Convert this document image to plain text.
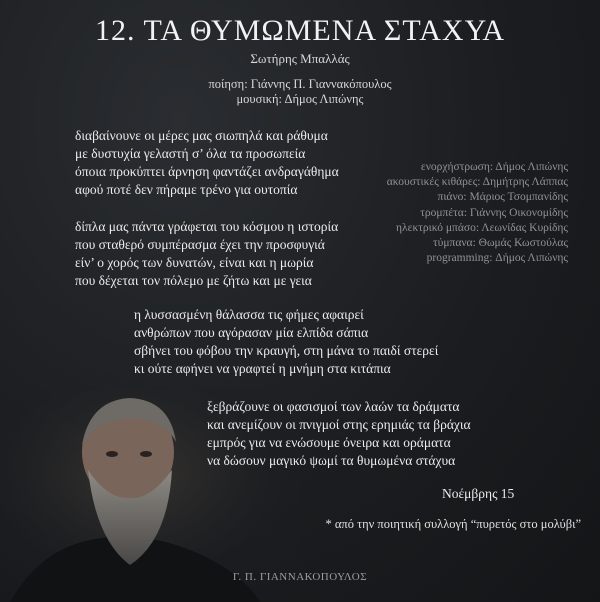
12. ΤΑ ΘΥΜΩΜΕΝΑ ΣΤΑΧΥΑ
Σωτήρης Μπαλλάς
ποίηση: Γιάννης Π. Γιαννακόπουλος
μουσική: Δήμος Λιπώνης
διαβαίνουνε οι μέρες μας σιωπηλά και ράθυμα
με δυστυχία γελαστή σ’ όλα τα προσωπεία
όποια προκύπτει άρνηση φαντάζει ανδραγάθημα
αφού ποτέ δεν πήραμε τρένο για ουτοπία
δίπλα μας πάντα γράφεται του κόσμου η ιστορία
που σταθερό συμπέρασμα έχει την προσφυγιά
είν’ ο χορός των δυνατών, είναι και η μωρία
που δέχεται τον πόλεμο με ζήτω και με γεια
ενορχήστρωση: Δήμος Λιπώνης
ακουστικές κιθάρες: Δημήτρης Λάππας
πιάνο: Μάριος Τσομπανίδης
τρομπέτα: Γιάννης Οικονομίδης
ηλεκτρικό μπάσο: Λεωνίδας Κυρίδης
τύμπανα: Θωμάς Κωστούλας
programming: Δήμος Λιπώνης
η λυσσασμένη θάλασσα τις φήμες αφαιρεί
ανθρώπων που αγόρασαν μία ελπίδα σάπια
σβήνει του φόβου την κραυγή, στη μάνα το παιδί στερεί
κι ούτε αφήνει να γραφτεί η μνήμη στα κιτάπια
ξεβράζουνε οι φασισμοί των λαών τα δράματα
και ανεμίζουν οι πνιγμοί στης ερημιάς τα βράχια
εμπρός για να ενώσουμε όνειρα και οράματα
να δώσουν μαγικό ψωμί τα θυμωμένα στάχυα
Νοέμβρης 15
* από την ποιητική συλλογή “πυρετός στο μολύβι”
Γ. Π. ΓΙΑΝΝΑΚΟΠΟΥΛΟΣ
